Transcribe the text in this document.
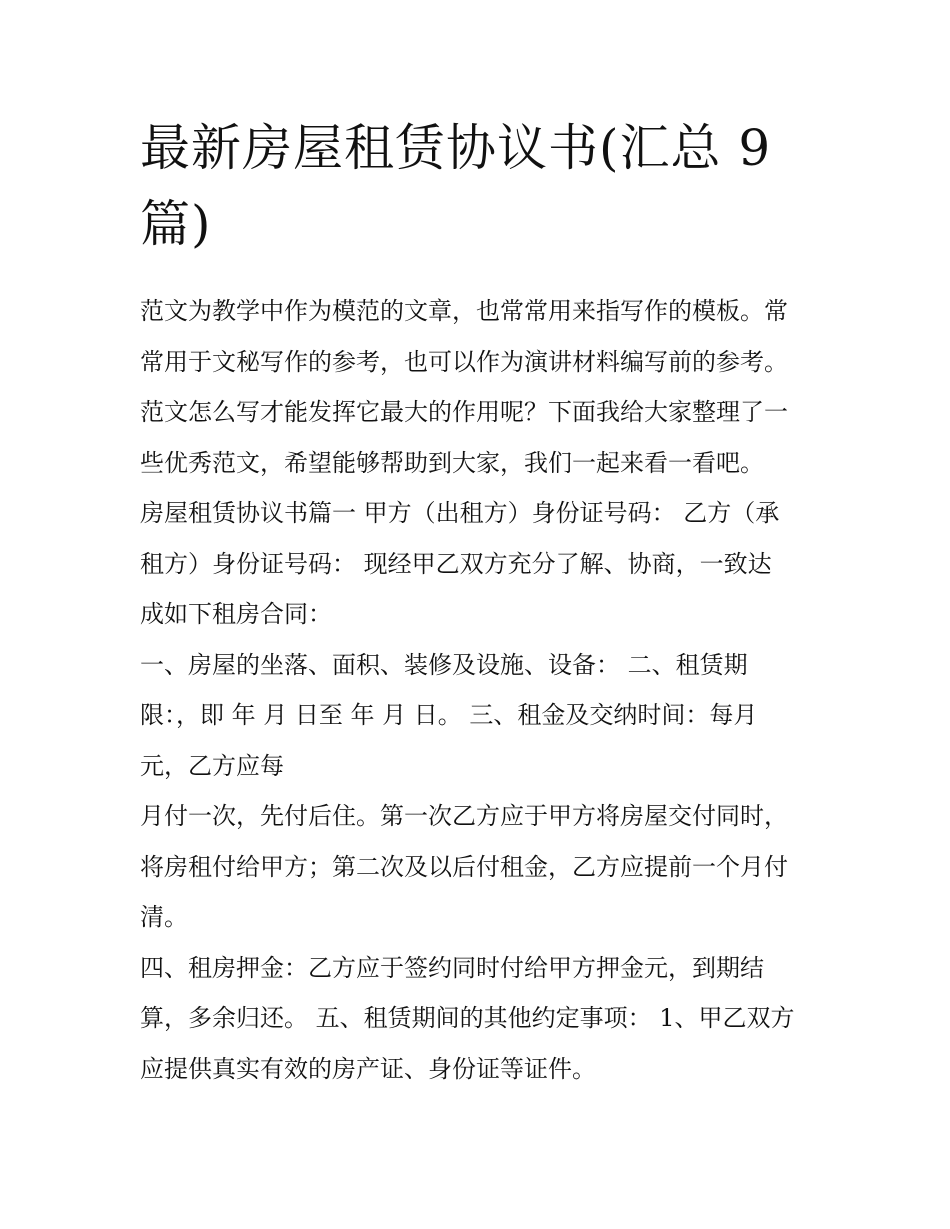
最新房屋租赁协议书(汇总 9
篇)
范文为教学中作为模范的文章，也常常用来指写作的模板。常
常用于文秘写作的参考，也可以作为演讲材料编写前的参考。
范文怎么写才能发挥它最大的作用呢？下面我给大家整理了一
些优秀范文，希望能够帮助到大家，我们一起来看一看吧。
房屋租赁协议书篇一 甲方（出租方）身份证号码： 乙方（承
租方）身份证号码： 现经甲乙双方充分了解、协商，一致达
成如下租房合同：
一、房屋的坐落、面积、装修及设施、设备： 二、租赁期
限：，即 年 月 日至 年 月 日。 三、租金及交纳时间：每月
元，乙方应每
月付一次，先付后住。第一次乙方应于甲方将房屋交付同时，
将房租付给甲方；第二次及以后付租金，乙方应提前一个月付
清。
四、租房押金：乙方应于签约同时付给甲方押金元，到期结
算，多余归还。 五、租赁期间的其他约定事项： 1、甲乙双方
应提供真实有效的房产证、身份证等证件。
